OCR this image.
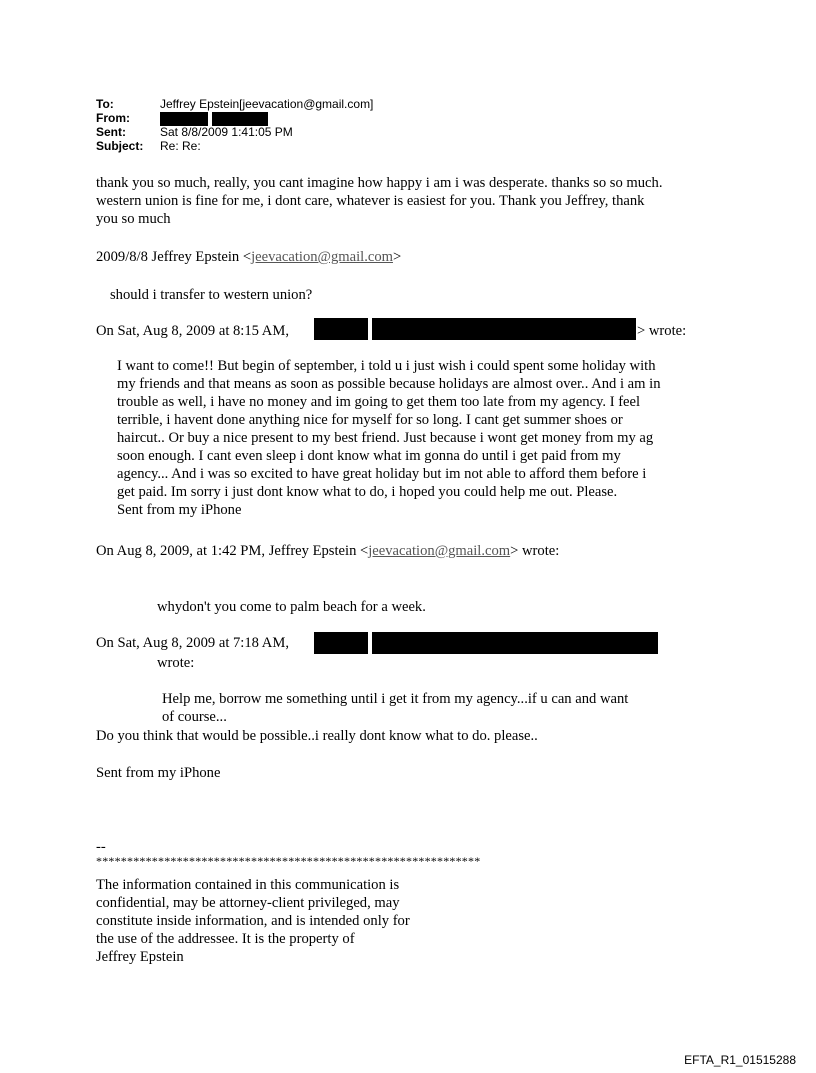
To:	Jeffrey Epstein[jeevacation@gmail.com]
From:
Sent:	Sat 8/8/2009 1:41:05 PM
Subject: Re: Re:
thank you so much, really, you cant imagine how happy i am i was desperate. thanks so so much.
western union is fine for me, i dont care, whatever is easiest for you. Thank you Jeffrey, thank
you so much
2009/8/8 Jeffrey Epstein <jeevacation@gmail.com>
should i transfer to western union?
On Sat, Aug 8, 2009 at 8:15 AM,	> wrote:
I want to come!! But begin of september, i told u i just wish i could spent some holiday with
my friends and that means as soon as possible because holidays are almost over.. And i am in
trouble as well, i have no money and im going to get them too late from my agency. I feel
terrible, i havent done anything nice for myself for so long. I cant get summer shoes or
haircut.. Or buy a nice present to my best friend. Just because i wont get money from my ag
soon enough. I cant even sleep i dont know what im gonna do until i get paid from my
agency... And i was so excited to have great holiday but im not able to afford them before i
get paid. Im sorry i just dont know what to do, i hoped you could help me out. Please.
Sent from my iPhone
On Aug 8, 2009, at 1:42 PM, Jeffrey Epstein <jeevacation@gmail.com> wrote:
whydon't you come to palm beach for a week.
On Sat, Aug 8, 2009 at 7:18 AM,
wrote:
Help me, borrow me something until i get it from my agency...if u can and want
of course...
Do you think that would be possible..i really dont know what to do. please..
Sent from my iPhone
--
**************************************************************
The information contained in this communication is
confidential, may be attorney-client privileged, may
constitute inside information, and is intended only for
the use of the addressee. It is the property of
Jeffrey Epstein
EFTA_R1_01515288
